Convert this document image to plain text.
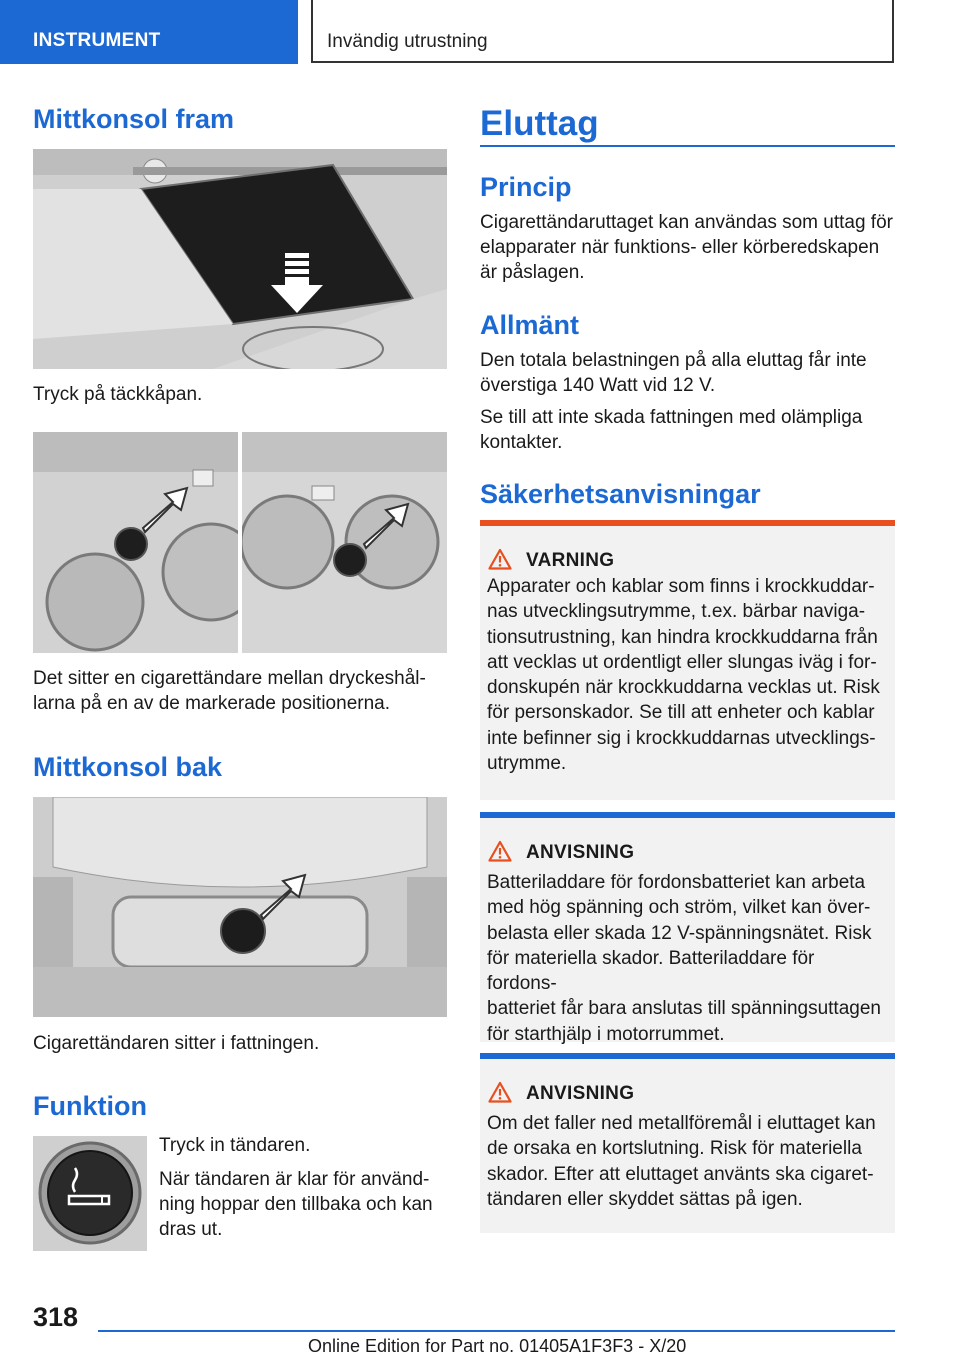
INSTRUMENT	Invändig utrustning
Mittkonsol fram

Tryck på täckkåpan.

Det sitter en cigarettändare mellan dryckeshål-
larna på en av de markerade positionerna.

Mittkonsol bak

Cigarettändaren sitter i fattningen.

Funktion

Tryck in tändaren.

När tändaren är klar för använd-
ning hoppar den tillbaka och kan
dras ut.

Eluttag
Princip

Cigarettändaruttaget kan användas som uttag för
elapparater när funktions- eller körberedskapen
är påslagen.

Allmänt

Den totala belastningen på alla eluttag får inte
överstiga 140 Watt vid 12 V.

Se till att inte skada fattningen med olämpliga
kontakter.

Säkerhetsanvisningar
VARNING

Apparater och kablar som finns i krockkuddar-
nas utvecklingsutrymme, t.ex. bärbar naviga-
tionsutrustning, kan hindra krockkuddarna från
att vecklas ut ordentligt eller slungas iväg i for-
donskupén när krockkuddarna vecklas ut. Risk
för personskador. Se till att enheter och kablar
inte befinner sig i krockkuddarnas utvecklings-
utrymme.

ANVISNING

Batteriladdare för fordonsbatteriet kan arbeta
med hög spänning och ström, vilket kan över-
belasta eller skada 12 V-spänningsnätet. Risk
för materiella skador. Batteriladdare för fordons-
batteriet får bara anslutas till spänningsuttagen
för starthjälp i motorrummet.

ANVISNING

Om det faller ned metallföremål i eluttaget kan
de orsaka en kortslutning. Risk för materiella
skador. Efter att eluttaget använts ska cigaret-
tändaren eller skyddet sättas på igen.

318
Online Edition for Part no. 01405A1F3F3 - X/20
